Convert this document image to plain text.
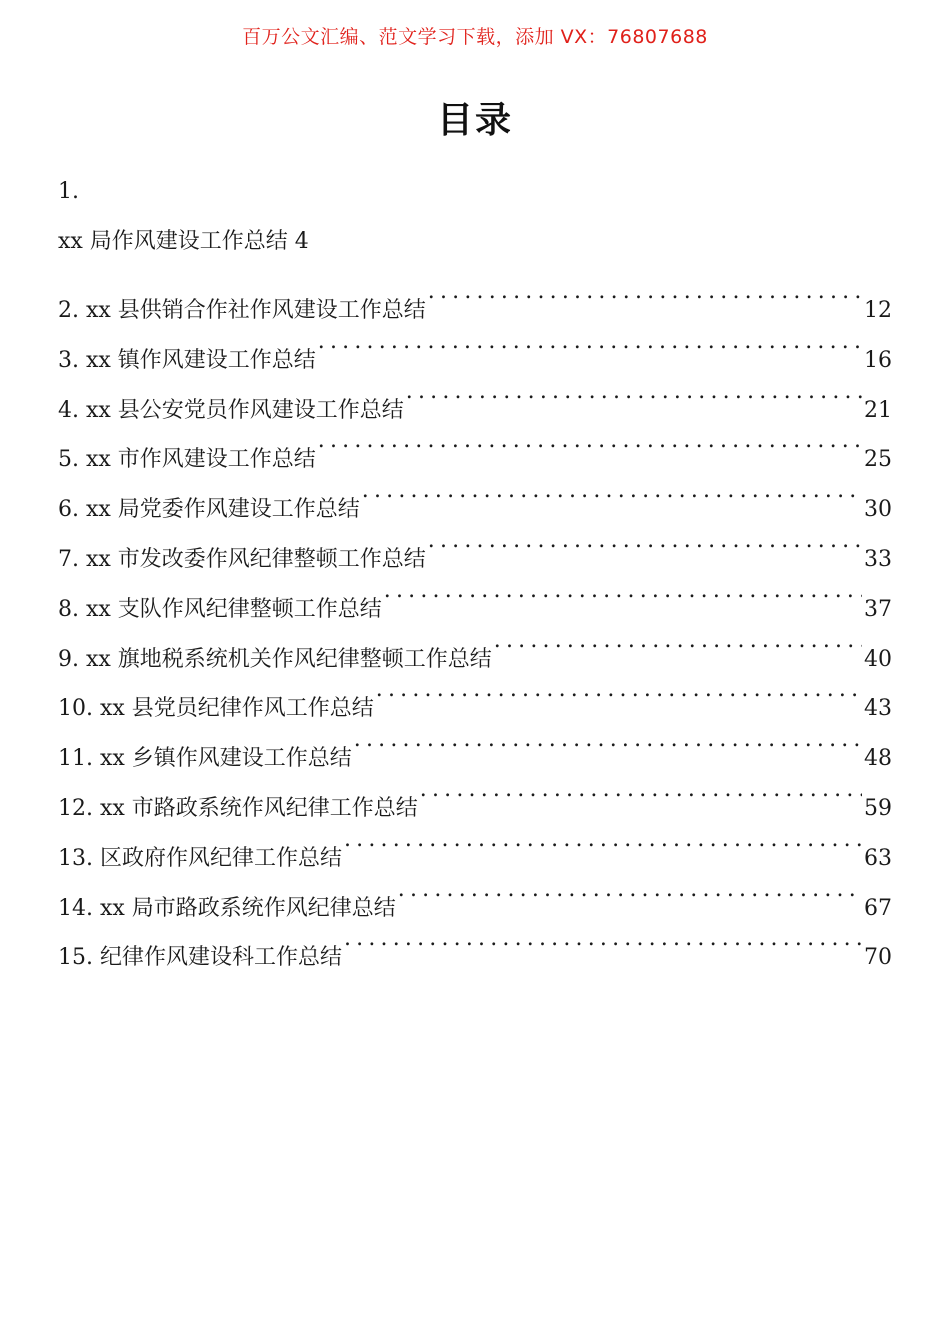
百万公文汇编、范文学习下载，添加 VX：76807688
目录
1.
xx 局作风建设工作总结 4
2. xx 县供销合作社作风建设工作总结 . . .	12
3. xx 镇作风建设工作总结 . . .	16
4. xx 县公安党员作风建设工作总结 . . .	21
5. xx 市作风建设工作总结 . . .	25
6. xx 局党委作风建设工作总结 . . .	30
7. xx 市发改委作风纪律整顿工作总结 . . .	33
8. xx 支队作风纪律整顿工作总结 . . .	37
9. xx 旗地税系统机关作风纪律整顿工作总结 . . .	40
10. xx 县党员纪律作风工作总结 . . .	43
11. xx 乡镇作风建设工作总结 . . .	48
12. xx 市路政系统作风纪律工作总结 . . .	59
13. 区政府作风纪律工作总结 . . .	63
14. xx 局市路政系统作风纪律总结 . . .	67
15. 纪律作风建设科工作总结 . . .	70
